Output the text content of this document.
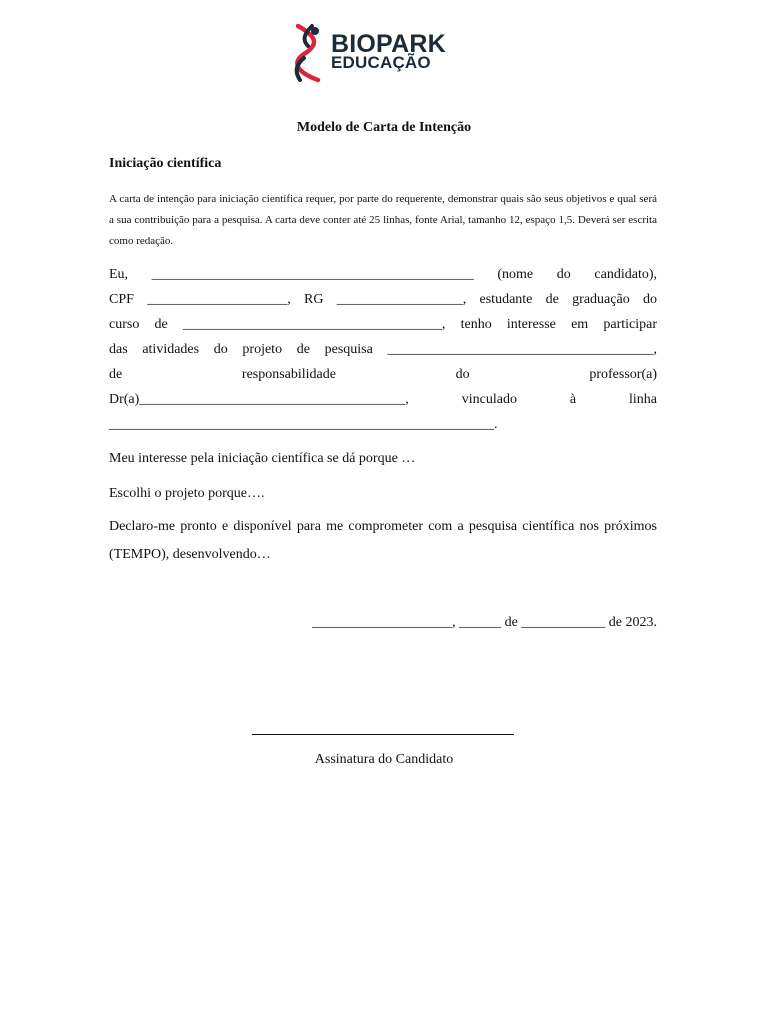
BIOPARK
EDUCAÇÃO
Modelo de Carta de Intenção
Iniciação científica
A carta de intenção para iniciação científica requer, por parte do requerente, demonstrar quais são seus objetivos e qual será a sua contribuição para a pesquisa. A carta deve conter até 25 linhas, fonte Arial, tamanho 12, espaço 1,5. Deverá ser escrita como redação.
Eu, ______________________________________________ (nome do candidato),
CPF ____________________, RG __________________, estudante de graduação do
curso de _____________________________________, tenho interesse em participar
das atividades do projeto de pesquisa ______________________________________,
de responsabilidade do professor(a)
Dr(a)______________________________________, vinculado à linha
_______________________________________________________.
Meu interesse pela iniciação científica se dá porque …
Escolhi o projeto porque….
Declaro-me pronto e disponível para me comprometer com a pesquisa científica nos próximos (TEMPO), desenvolvendo…
____________________, ______ de ____________ de 2023.
Assinatura do Candidato
